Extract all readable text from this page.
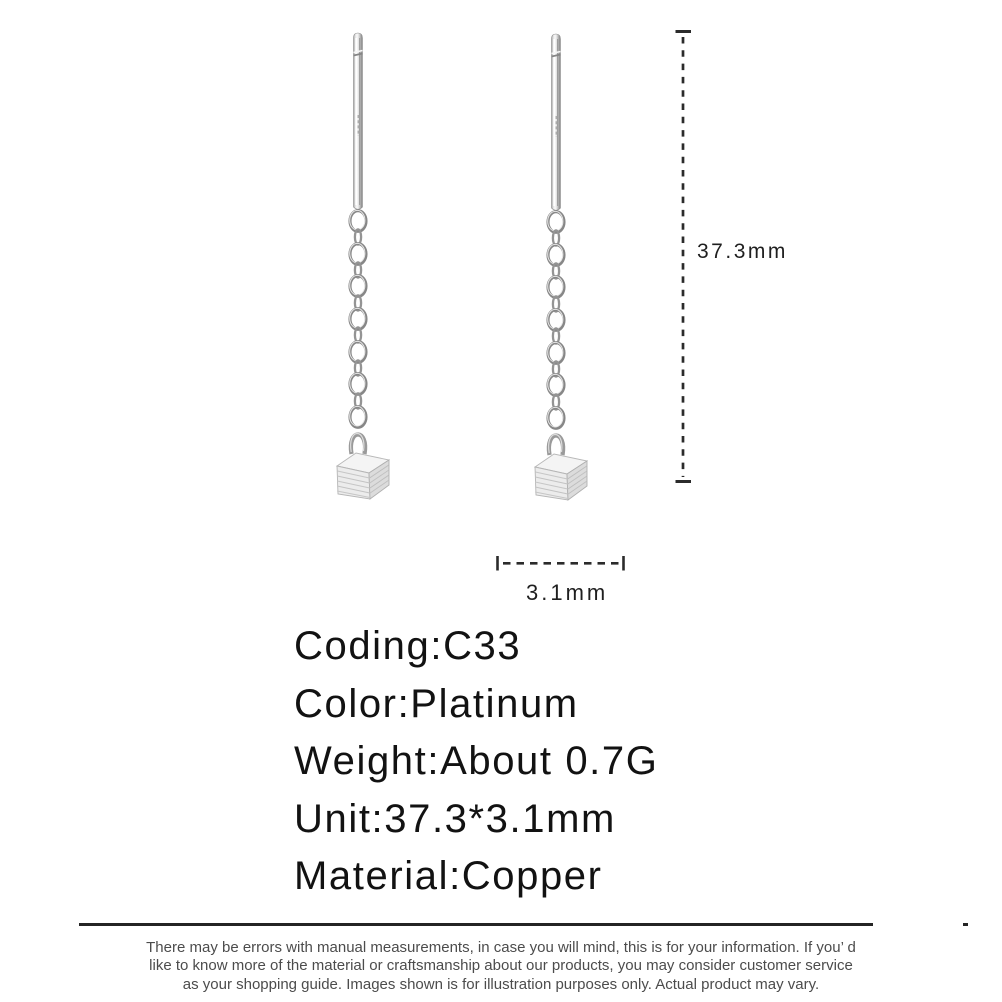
37.3mm
3.1mm
Coding:C33
Color:Platinum
Weight:About 0.7G
Unit:37.3*3.1mm
Material:Copper
There may be errors with manual measurements, in case you will mind, this is for your information. If you’ d
like to know more of the material or craftsmanship about our products, you may consider customer service
as your shopping guide. Images shown is for illustration purposes only. Actual product may vary.
